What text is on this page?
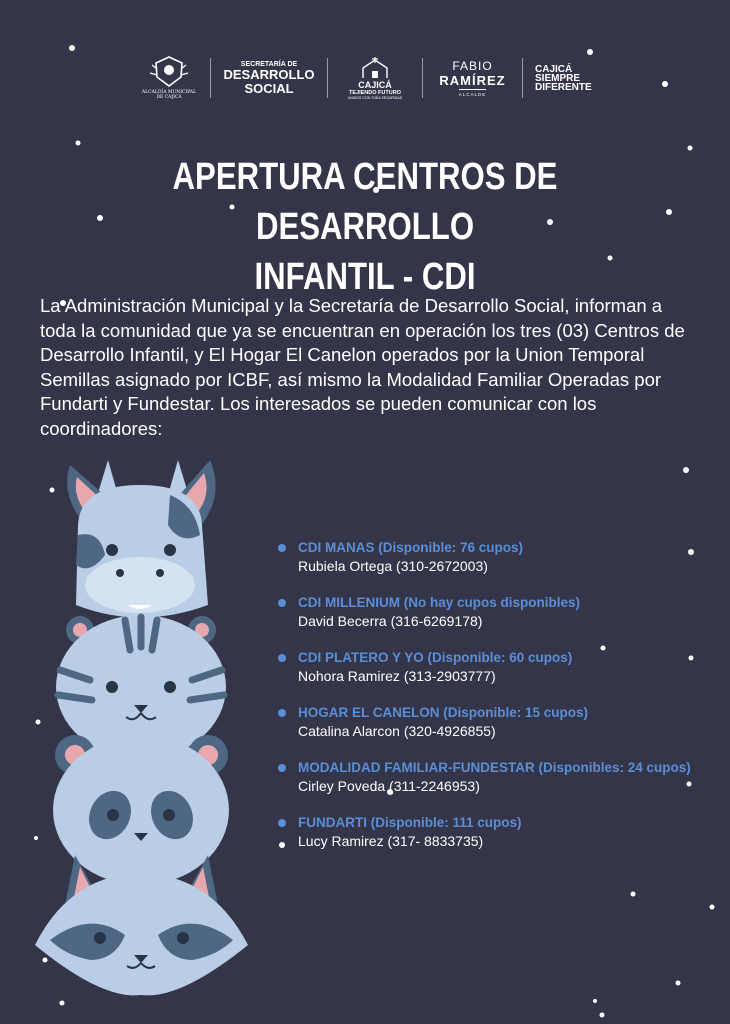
ALCALDÍA MUNICIPAL DE CAJICÁ
SECRETARÍA DE
DESARROLLO
SOCIAL	CAJICÁ
TEJIENDO FUTURO
UNIDOS CON TODA SEGURIDAD
FABIO
RAMÍREZ
ALCALDE
CAJICÁ
SIEMPRE
DIFERENTE
APERTURA CENTROS DE DESARROLLO
INFANTIL - CDI

La Administración Municipal y la Secretaría de Desarrollo Social, informan a toda la comunidad que ya se encuentran en operación los tres (03) Centros de Desarrollo Infantil, y El Hogar El Canelon operados por la Union Temporal Semillas asignado por ICBF, así mismo la Modalidad Familiar Operadas por Fundarti y Fundestar. Los interesados se pueden comunicar con los coordinadores:

CDI MANAS (Disponible: 76 cupos)
Rubiela Ortega (310-2672003)
CDI MILLENIUM (No hay cupos disponibles)
David Becerra (316-6269178)
CDI PLATERO Y YO (Disponible: 60 cupos)
Nohora Ramirez (313-2903777)
HOGAR EL CANELON (Disponible: 15 cupos)
Catalina Alarcon (320-4926855)
MODALIDAD FAMILIAR-FUNDESTAR (Disponibles: 24 cupos)
Cirley Poveda (311-2246953)
FUNDARTI (Disponible: 111 cupos)
Lucy Ramirez (317- 8833735)
